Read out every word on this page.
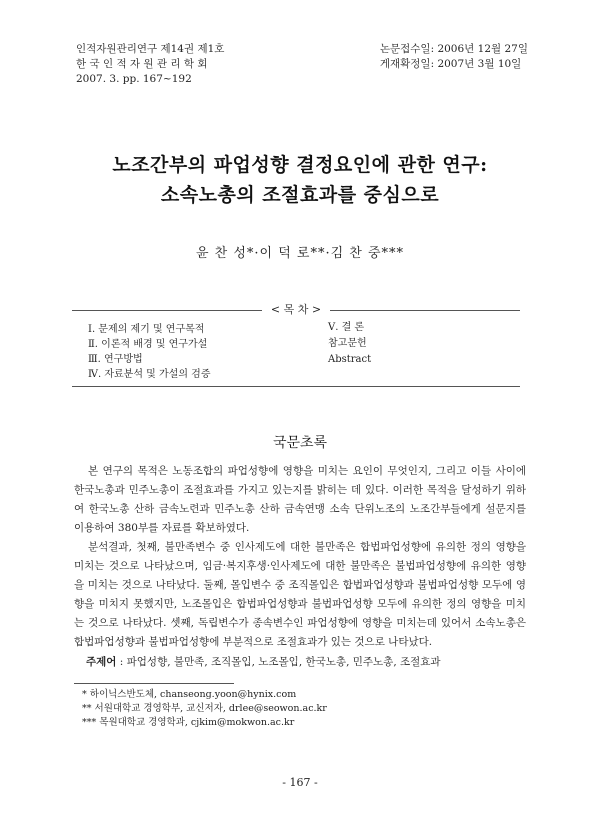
인적자원관리연구 제14권 제1호
한 국 인 적 자 원 관 리 학 회
2007. 3. pp. 167~192
논문접수일: 2006년 12월 27일
게재확정일: 2007년 3월 10일
노조간부의 파업성향 결정요인에 관한 연구:
소속노총의 조절효과를 중심으로
윤 찬 성*·이 덕 로**·김 찬 중***
< 목 차 >
Ⅰ. 문제의 제기 및 연구목적
Ⅱ. 이론적 배경 및 연구가설
Ⅲ. 연구방법
Ⅳ. 자료분석 및 가설의 검증
Ⅴ. 결 론
참고문헌
Abstract
국문초록

본 연구의 목적은 노동조합의 파업성향에 영향을 미치는 요인이 무엇인지, 그리고 이들 사이에 한국노총과 민주노총이 조절효과를 가지고 있는지를 밝히는 데 있다. 이러한 목적을 달성하기 위하여 한국노총 산하 금속노련과 민주노총 산하 금속연맹 소속 단위노조의 노조간부들에게 설문지를 이용하여 380부를 자료를 확보하였다.

분석결과, 첫째, 불만족변수 중 인사제도에 대한 불만족은 합법파업성향에 유의한 정의 영향을 미치는 것으로 나타났으며, 임금·복지후생·인사제도에 대한 불만족은 불법파업성향에 유의한 영향을 미치는 것으로 나타났다. 둘째, 몰입변수 중 조직몰입은 합법파업성향과 불법파업성향 모두에 영향을 미치지 못했지만, 노조몰입은 합법파업성향과 불법파업성향 모두에 유의한 정의 영향을 미치는 것으로 나타났다. 셋째, 독립변수가 종속변수인 파업성향에 영향을 미치는데 있어서 소속노총은 합법파업성향과 불법파업성향에 부분적으로 조절효과가 있는 것으로 나타났다.

주제어 : 파업성향, 불만족, 조직몰입, 노조몰입, 한국노총, 민주노총, 조절효과
* 하이닉스반도체, chanseong.yoon@hynix.com
** 서원대학교 경영학부, 교신저자, drlee@seowon.ac.kr
*** 목원대학교 경영학과, cjkim@mokwon.ac.kr
- 167 -
